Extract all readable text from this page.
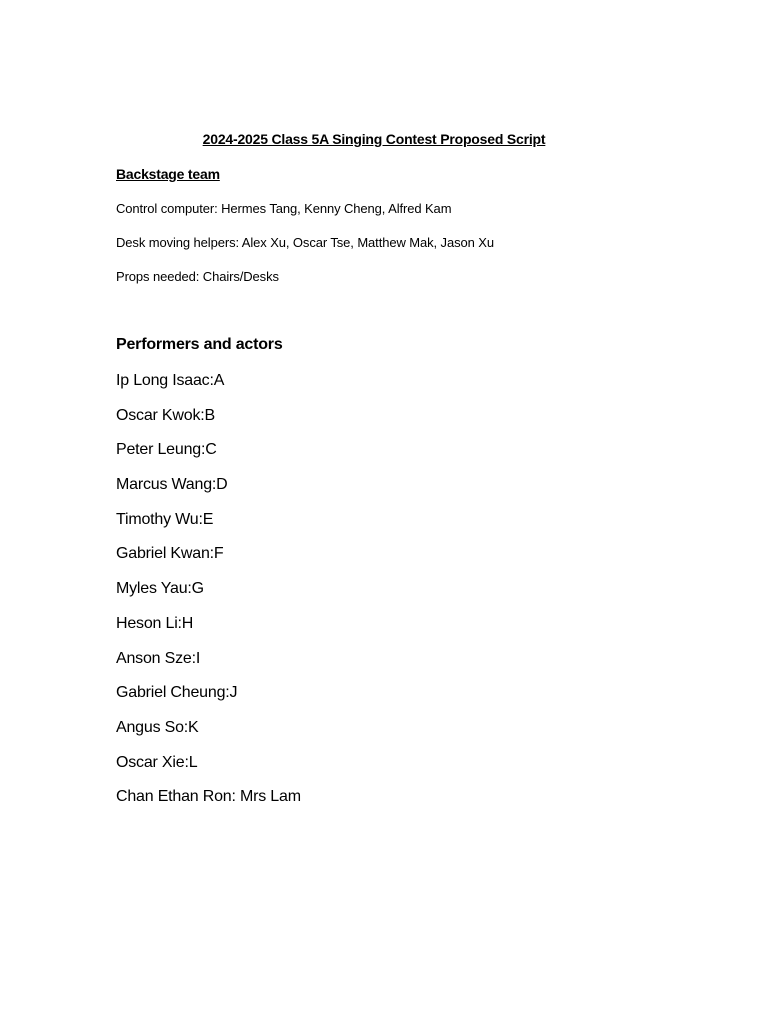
2024-2025 Class 5A Singing Contest Proposed Script
Backstage team
Control computer: Hermes Tang, Kenny Cheng, Alfred Kam
Desk moving helpers: Alex Xu, Oscar Tse, Matthew Mak, Jason Xu
Props needed: Chairs/Desks
Performers and actors
Ip Long Isaac:A
Oscar Kwok:B
Peter Leung:C
Marcus Wang:D
Timothy Wu:E
Gabriel Kwan:F
Myles Yau:G
Heson Li:H
Anson Sze:I
Gabriel Cheung:J
Angus So:K
Oscar Xie:L
Chan Ethan Ron: Mrs Lam
